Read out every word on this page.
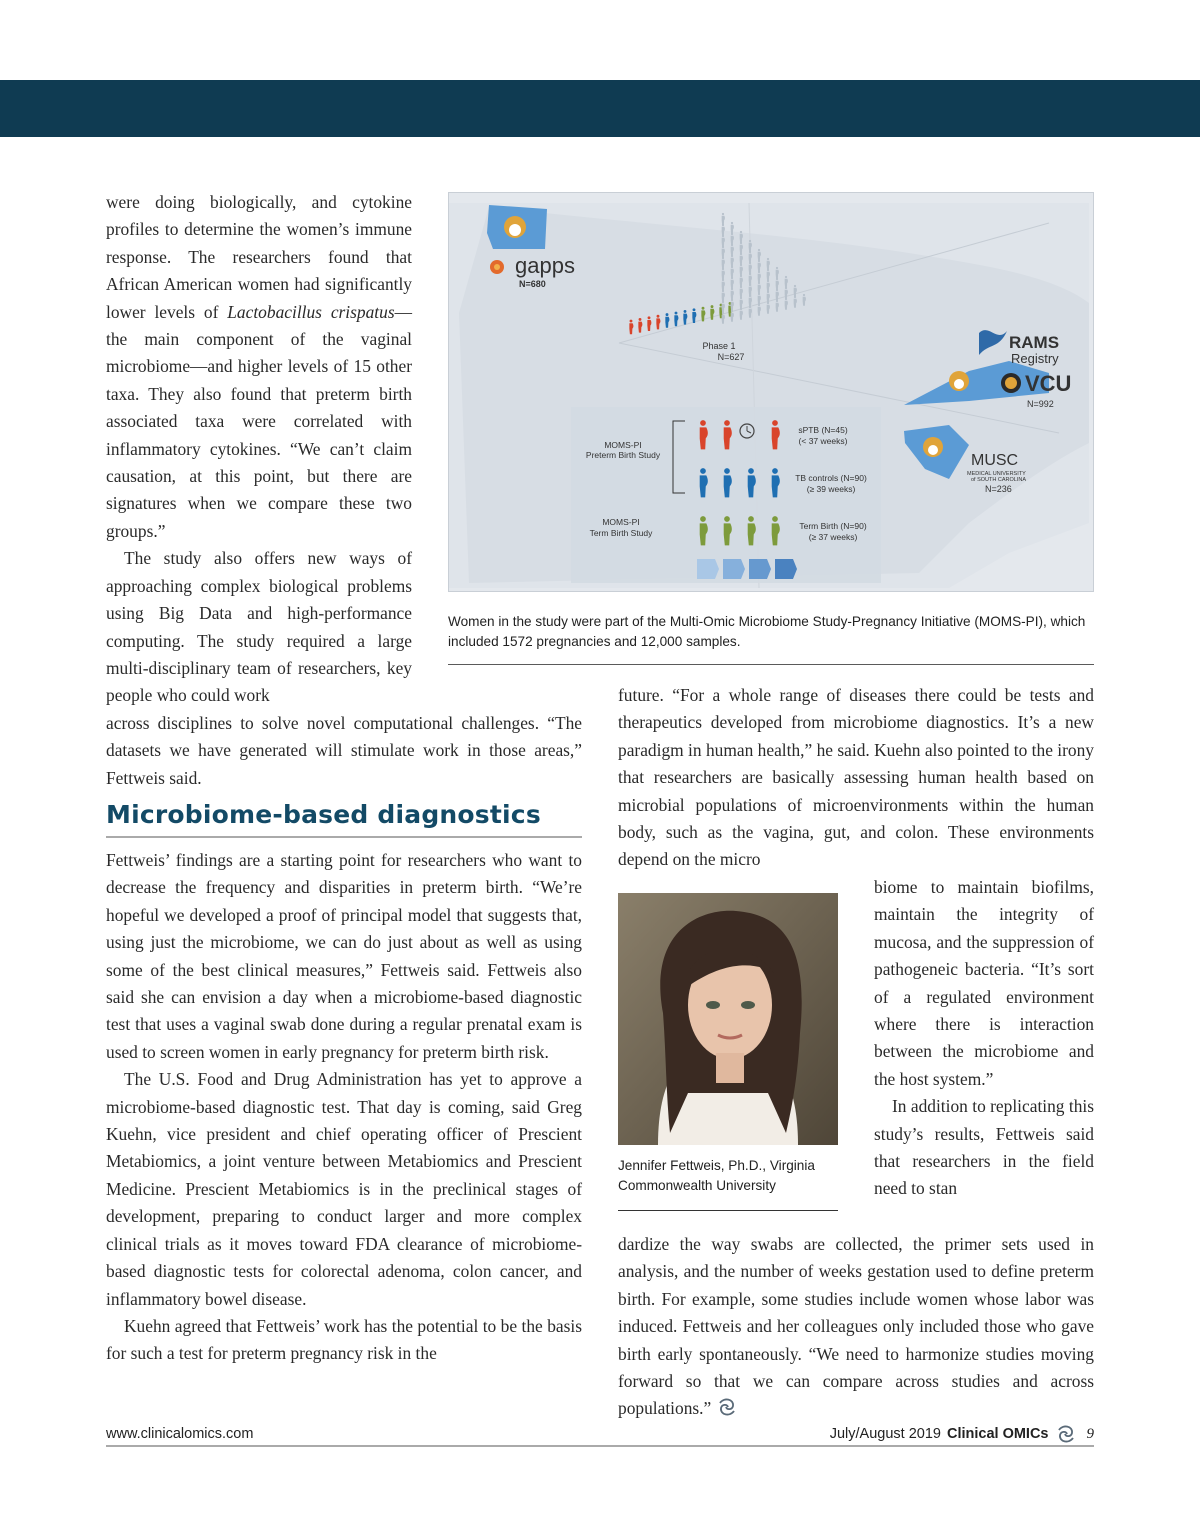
were doing biologically, and cytokine profiles to determine the women’s immune response. The researchers found that African American women had significantly lower levels of Lactobacillus crispatus—the main component of the vaginal microbiome—and higher levels of 15 other taxa. They also found that preterm birth associated taxa were correlated with inflammatory cytokines. “We can’t claim causation, at this point, but there are signatures when we compare these two groups.”

The study also offers new ways of approaching complex biological problems using Big Data and high-performance computing. The study required a large multi-disciplinary team of researchers, key people who could work

gapps
N=680
Phase 1
N=627
RAMS
Registry
VCU
N=992
MUSC
MEDICAL UNIVERSITY
of SOUTH CAROLINA
N=236
MOMS-PI
Preterm Birth Study
MOMS-PI
Term Birth Study
sPTB (N=45)
(< 37 weeks)
TB controls (N=90)
(≥ 39 weeks)
Term Birth (N=90)
(≥ 37 weeks)
Women in the study were part of the Multi-Omic Microbiome Study-Pregnancy Initiative (MOMS-PI), which included 1572 pregnancies and 12,000 samples.

across disciplines to solve novel computational challenges. “The datasets we have generated will stimulate work in those areas,” Fettweis said.

Microbiome-based diagnostics

Fettweis’ findings are a starting point for researchers who want to decrease the frequency and disparities in preterm birth. “We’re hopeful we developed a proof of principal model that suggests that, using just the microbiome, we can do just about as well as using some of the best clinical measures,” Fettweis said. Fettweis also said she can envision a day when a microbiome-based diagnostic test that uses a vaginal swab done during a regular prenatal exam is used to screen women in early pregnancy for preterm birth risk.

The U.S. Food and Drug Administration has yet to approve a microbiome-based diagnostic test. That day is coming, said Greg Kuehn, vice president and chief operating officer of Prescient Metabiomics, a joint venture between Metabiomics and Prescient Medicine. Prescient Metabiomics is in the preclinical stages of development, preparing to conduct larger and more complex clinical trials as it moves toward FDA clearance of microbiome-based diagnostic tests for colorectal adenoma, colon cancer, and inflammatory bowel disease.

Kuehn agreed that Fettweis’ work has the potential to be the basis for such a test for preterm pregnancy risk in the

future. “For a whole range of diseases there could be tests and therapeutics developed from microbiome diagnostics. It’s a new paradigm in human health,” he said. Kuehn also pointed to the irony that researchers are basically assessing human health based on microbial populations of microenvironments within the human body, such as the vagina, gut, and colon. These environments depend on the micro

Jennifer Fettweis, Ph.D., Virginia Commonwealth University

biome to maintain biofilms, maintain the integrity of mucosa, and the suppression of pathogeneic bacteria. “It’s sort of a regulated environment where there is interaction between the microbiome and the host system.”

In addition to replicating this study’s results, Fettweis said that researchers in the field need to stan

dardize the way swabs are collected, the primer sets used in analysis, and the number of weeks gestation used to define preterm birth. For example, some studies include women whose labor was induced. Fettweis and her colleagues only included those who gave birth early spontaneously. “We need to harmonize studies moving forward so that we can compare across studies and across populations.”

www.clinicalomics.com	July/August 2019 Clinical OMICs	9
